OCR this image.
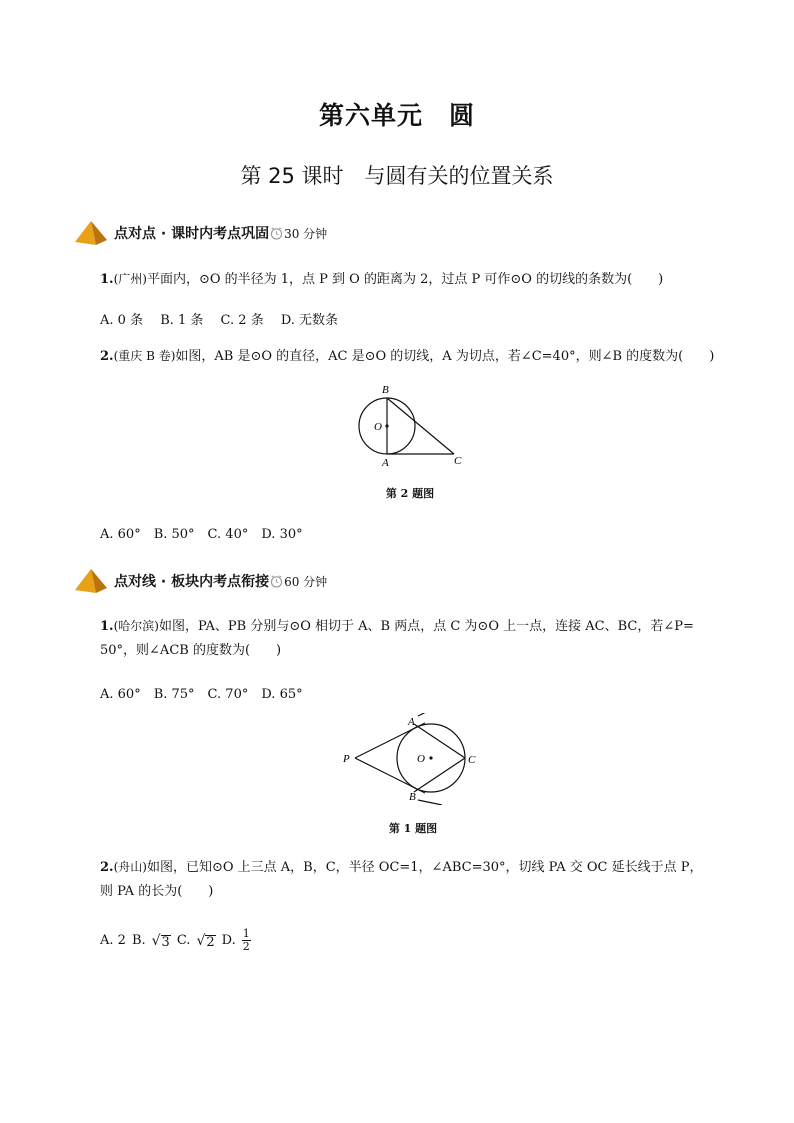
第六单元　圆
第 25 课时　与圆有关的位置关系
点对点 · 课时内考点巩固 30 分钟
1.(广州)平面内，⊙O 的半径为 1，点 P 到 O 的距离为 2，过点 P 可作⊙O 的切线的条数为(　　)
A. 0 条　 B. 1 条　 C. 2 条　 D. 无数条
2.(重庆 B 卷)如图，AB 是⊙O 的直径，AC 是⊙O 的切线，A 为切点，若∠C=40°，则∠B 的度数为(　　)
B
O
A	C
第 2 题图
A. 60°　B. 50°　C. 40°　D. 30°
点对线 · 板块内考点衔接 60 分钟
1.(哈尔滨)如图，PA、PB 分别与⊙O 相切于 A、B 两点，点 C 为⊙O 上一点，连接 AC、BC，若∠P=
50°，则∠ACB 的度数为(　　)
A. 60°　B. 75°　C. 70°　D. 65°
A
P	O	C
B
第 1 题图
2.(舟山)如图，已知⊙O 上三点 A，B，C，半径 OC=1，∠ABC=30°，切线 PA 交 OC 延长线于点 P，
则 PA 的长为(　　)
A. 2 B. √ 3 C. √ 2 D. $\frac{1}{2}$
